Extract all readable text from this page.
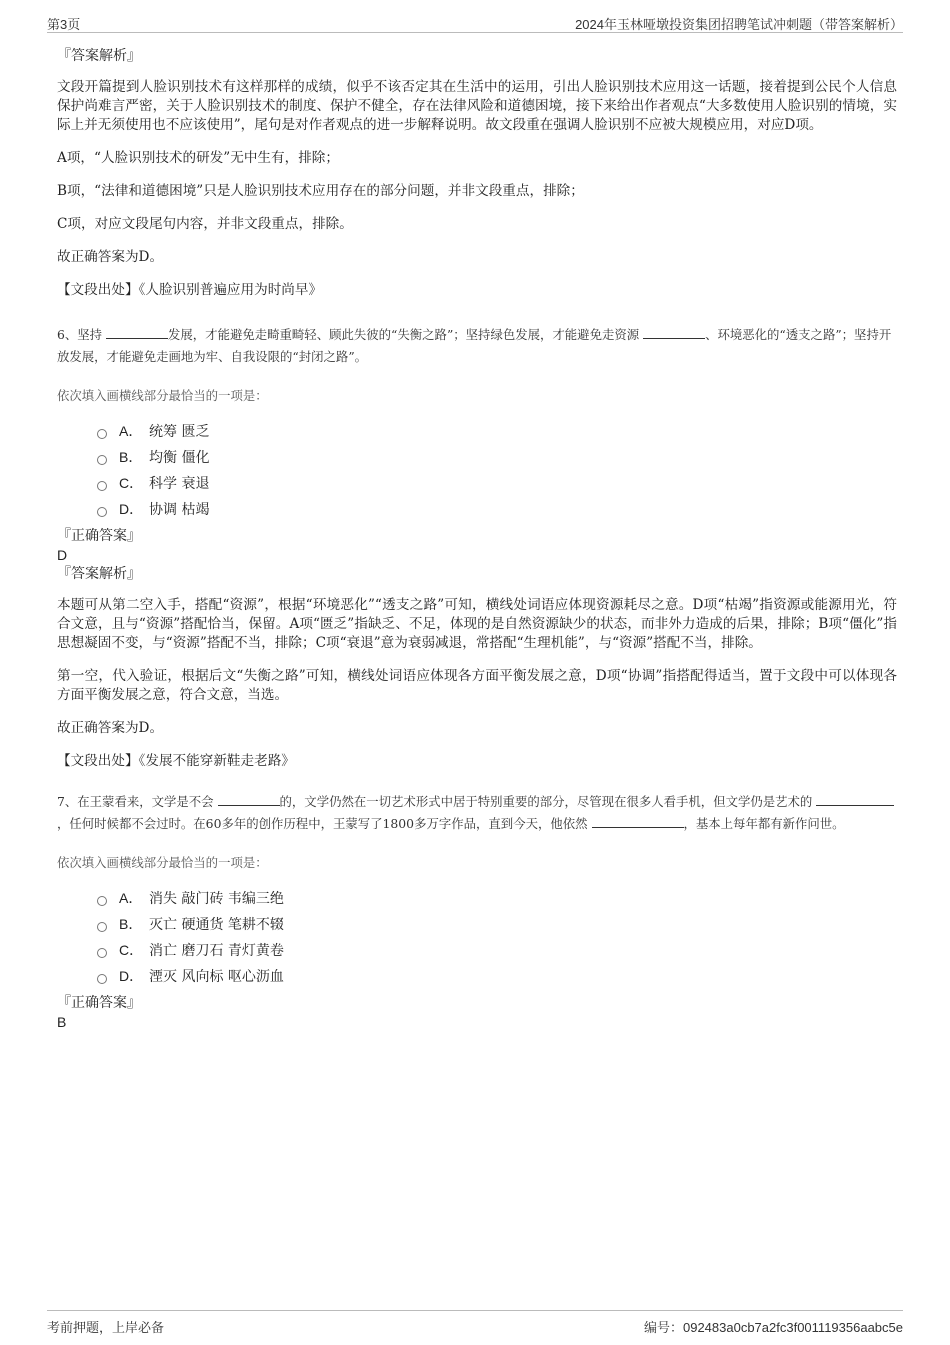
第3页	2024年玉林哑墩投资集团招聘笔试冲刺题（带答案解析）

『答案解析』

文段开篇提到人脸识别技术有这样那样的成绩，似乎不该否定其在生活中的运用，引出人脸识别技术应用这一话题，接着提到公民个人信息保护尚难言严密，关于人脸识别技术的制度、保护不健全，存在法律风险和道德困境，接下来给出作者观点“大多数使用人脸识别的情境，实际上并无须使用也不应该使用”，尾句是对作者观点的进一步解释说明。故文段重在强调人脸识别不应被大规模应用，对应D项。

A项，“人脸识别技术的研发”无中生有，排除；

B项，“法律和道德困境”只是人脸识别技术应用存在的部分问题，并非文段重点，排除；

C项，对应文段尾句内容，并非文段重点，排除。

故正确答案为D。

【文段出处】《人脸识别普遍应用为时尚早》

6、坚持	发展，才能避免走畸重畸轻、顾此失彼的“失衡之路”；坚持绿色发展，才能避免走资源	、环境恶化的“透支之路”；坚持开放发展，才能避免走画地为牢、自我设限的“封闭之路”。

依次填入画横线部分最恰当的一项是：

A． 统筹 匮乏
B． 均衡 僵化
C． 科学 衰退
D． 协调 枯竭

『正确答案』

D

『答案解析』

本题可从第二空入手，搭配“资源”，根据“环境恶化”“透支之路”可知，横线处词语应体现资源耗尽之意。D项“枯竭”指资源或能源用光，符合文意，且与“资源”搭配恰当，保留。A项“匮乏”指缺乏、不足，体现的是自然资源缺少的状态，而非外力造成的后果，排除；B项“僵化”指思想凝固不变，与“资源”搭配不当，排除；C项“衰退”意为衰弱减退，常搭配“生理机能”，与“资源”搭配不当，排除。

第一空，代入验证，根据后文“失衡之路”可知，横线处词语应体现各方面平衡发展之意，D项“协调”指搭配得适当，置于文段中可以体现各方面平衡发展之意，符合文意，当选。

故正确答案为D。

【文段出处】《发展不能穿新鞋走老路》

7、在王蒙看来，文学是不会	的，文学仍然在一切艺术形式中居于特别重要的部分，尽管现在很多人看手机，但文学仍是艺术的 ，任何时候都不会过时。在60多年的创作历程中，王蒙写了1800多万字作品，直到今天，他依然	，基本上每年都有新作问世。

依次填入画横线部分最恰当的一项是：

A． 消失 敲门砖 韦编三绝
B． 灭亡 硬通货 笔耕不辍
C． 消亡 磨刀石 青灯黄卷
D． 湮灭 风向标 呕心沥血

『正确答案』

B

考前押题，上岸必备	编号：092483a0cb7a2fc3f001119356aabc5e
